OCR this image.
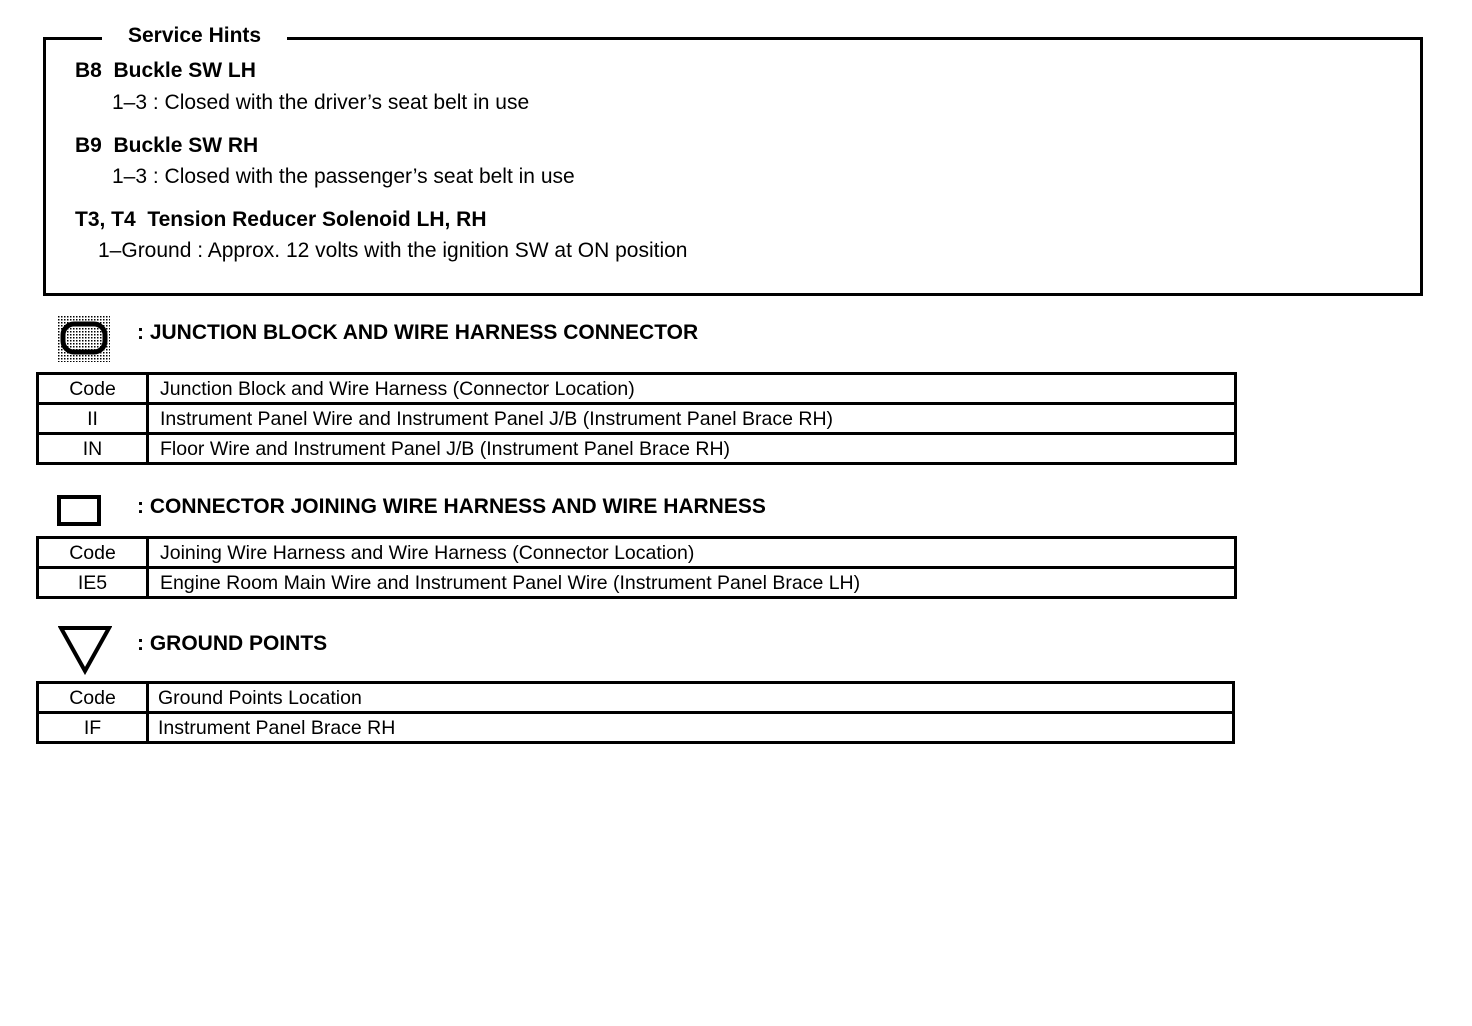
Service Hints
B8  Buckle SW LH
1–3 : Closed with the driver’s seat belt in use
B9  Buckle SW RH
1–3 : Closed with the passenger’s seat belt in use
T3, T4  Tension Reducer Solenoid LH, RH
1–Ground : Approx. 12 volts with the ignition SW at ON position
: JUNCTION BLOCK AND WIRE HARNESS CONNECTOR
Code	Junction Block and Wire Harness (Connector Location)
II	Instrument Panel Wire and Instrument Panel J/B (Instrument Panel Brace RH)
IN	Floor Wire and Instrument Panel J/B (Instrument Panel Brace RH)
: CONNECTOR JOINING WIRE HARNESS AND WIRE HARNESS
Code	Joining Wire Harness and Wire Harness (Connector Location)
IE5	Engine Room Main Wire and Instrument Panel Wire (Instrument Panel Brace LH)
: GROUND POINTS
Code	Ground Points Location
IF	Instrument Panel Brace RH
